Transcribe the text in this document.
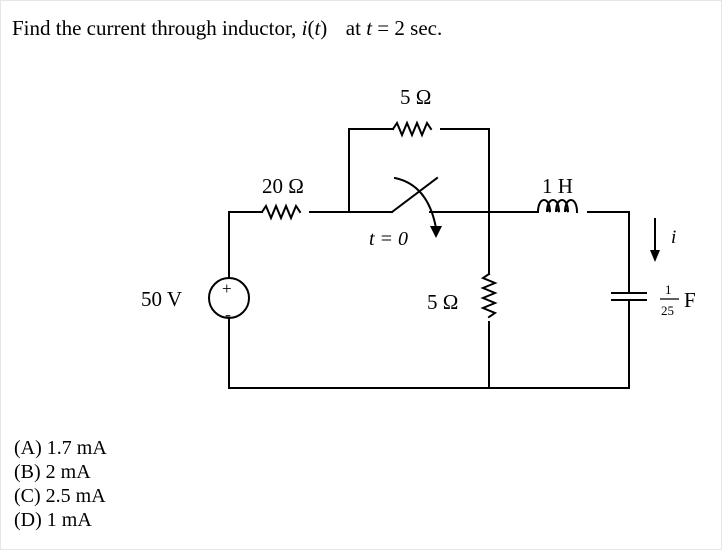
Find the current through inductor, i(t)  at t = 2 sec.
5 Ω
20 Ω	1 H
t = 0	i
50 V +
-	5 Ω
1
25 F
(A) 1.7 mA
(B) 2 mA
(C) 2.5 mA
(D) 1 mA
